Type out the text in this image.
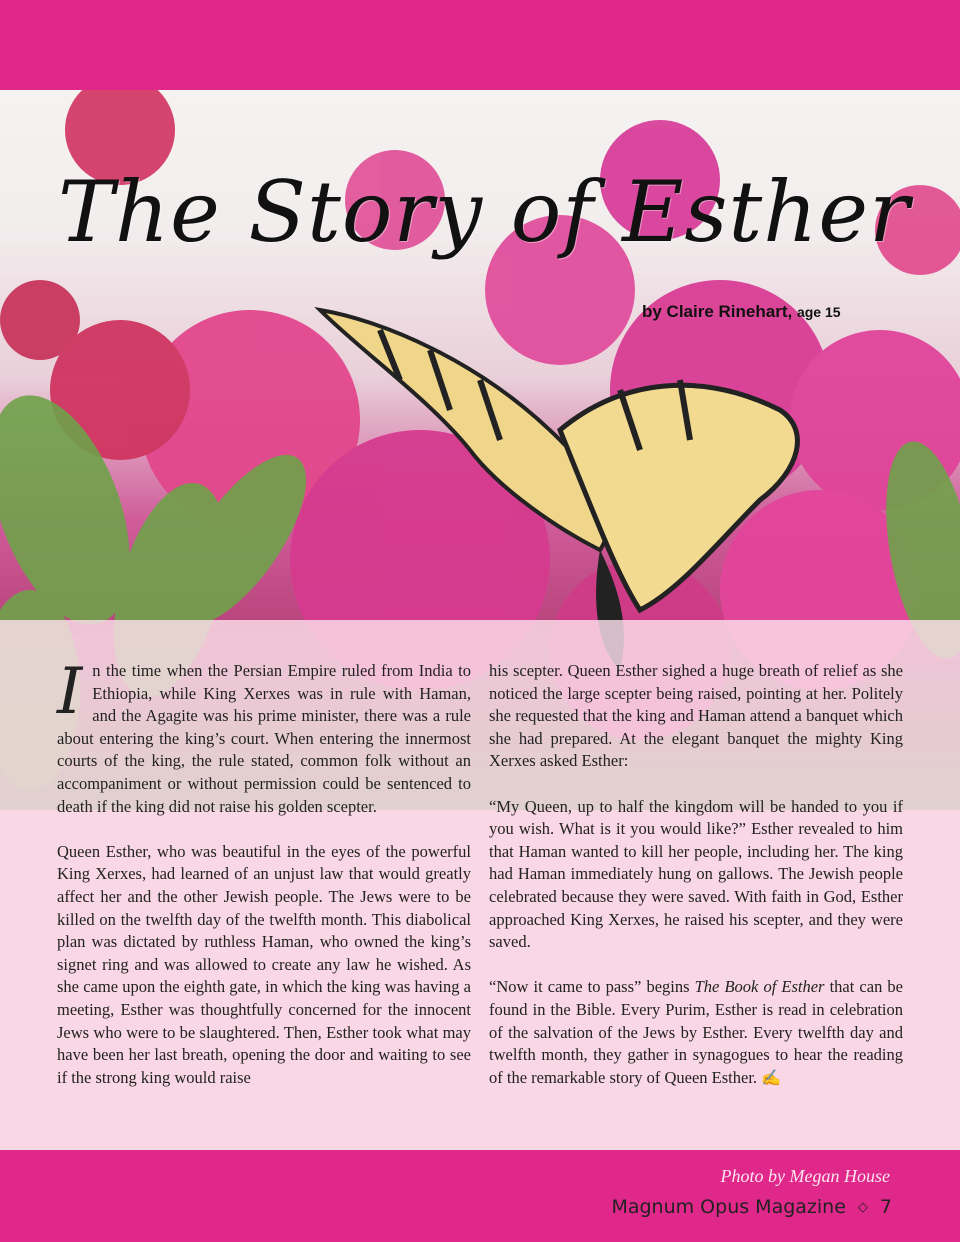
The Story of Esther
by Claire Rinehart, age 15

In the time when the Persian Empire ruled from India to Ethiopia, while King Xerxes was in rule with Haman, and the Agagite was his prime minister, there was a rule about entering the king’s court. When entering the innermost courts of the king, the rule stated, common folk without an accompaniment or without permission could be sentenced to death if the king did not raise his golden scepter.

Queen Esther, who was beautiful in the eyes of the powerful King Xerxes, had learned of an unjust law that would greatly affect her and the other Jewish people. The Jews were to be killed on the twelfth day of the twelfth month. This diabolical plan was dictated by ruthless Haman, who owned the king’s signet ring and was allowed to create any law he wished. As she came upon the eighth gate, in which the king was having a meeting, Esther was thoughtfully concerned for the innocent Jews who were to be slaughtered. Then, Esther took what may have been her last breath, opening the door and waiting to see if the strong king would raise

his scepter. Queen Esther sighed a huge breath of relief as she noticed the large scepter being raised, pointing at her. Politely she requested that the king and Haman attend a banquet which she had prepared. At the elegant banquet the mighty King Xerxes asked Esther:

“My Queen, up to half the kingdom will be handed to you if you wish. What is it you would like?” Esther revealed to him that Haman wanted to kill her people, including her. The king had Haman immediately hung on gallows. The Jewish people celebrated because they were saved. With faith in God, Esther approached King Xerxes, he raised his scepter, and they were saved.

“Now it came to pass” begins The Book of Esther that can be found in the Bible. Every Purim, Esther is read in celebration of the salvation of the Jews by Esther. Every twelfth day and twelfth month, they gather in synagogues to hear the reading of the remarkable story of Queen Esther. ✍

Photo by Megan House
Magnum Opus Magazine ◇ 7
